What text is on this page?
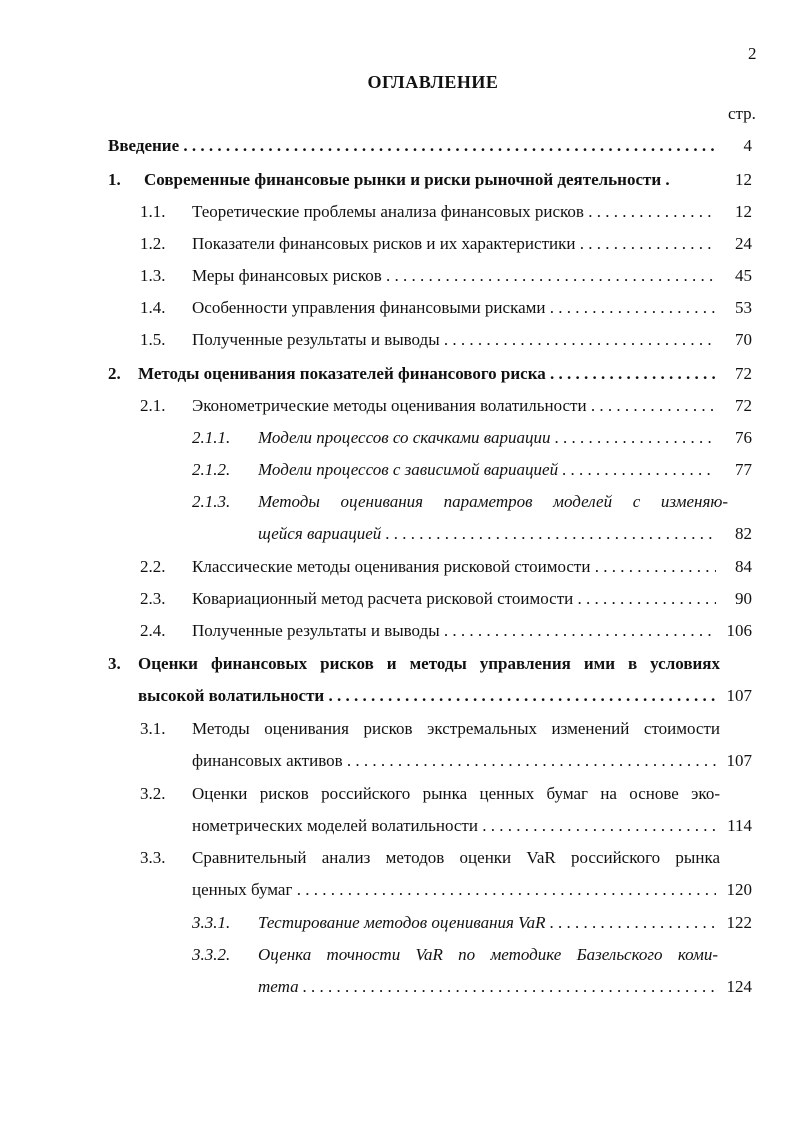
2
ОГЛАВЛЕНИЕ
стр.
Введение . . .	4
1. Современные финансовые рынки и риски рыночной деятельности .	12
1.1. Теоретические проблемы анализа финансовых рисков . . .	12
1.2. Показатели финансовых рисков и их характеристики . . .	24
1.3. Меры финансовых рисков . . .	45
1.4. Особенности управления финансовыми рисками . . .	53
1.5. Полученные результаты и выводы . . .	70
2. Методы оценивания показателей финансового риска . . .	72
2.1. Эконометрические методы оценивания волатильности . . .	72
2.1.1. Модели процессов со скачками вариации . . .	76
2.1.2. Модели процессов с зависимой вариацией . . .	77
2.1.3. Методы оценивания параметров моделей с изменяю-
щейся вариацией . . .	82
2.2. Классические методы оценивания рисковой стоимости . . .	84
2.3. Ковариационный метод расчета рисковой стоимости . . .	90
2.4. Полученные результаты и выводы . . .	106
3. Оценки финансовых рисков и методы управления ими в условиях
высокой волатильности . . .	107
3.1. Методы оценивания рисков экстремальных изменений стоимости
финансовых активов . . .	107
3.2. Оценки рисков российского рынка ценных бумаг на основе эко-
нометрических моделей волатильности . . .	114
3.3. Сравнительный анализ методов оценки VaR российского рынка
ценных бумаг . . .	120
3.3.1. Тестирование методов оценивания VaR . . .	122
3.3.2. Оценка точности VaR по методике Базельского коми-
тета . . .	124
